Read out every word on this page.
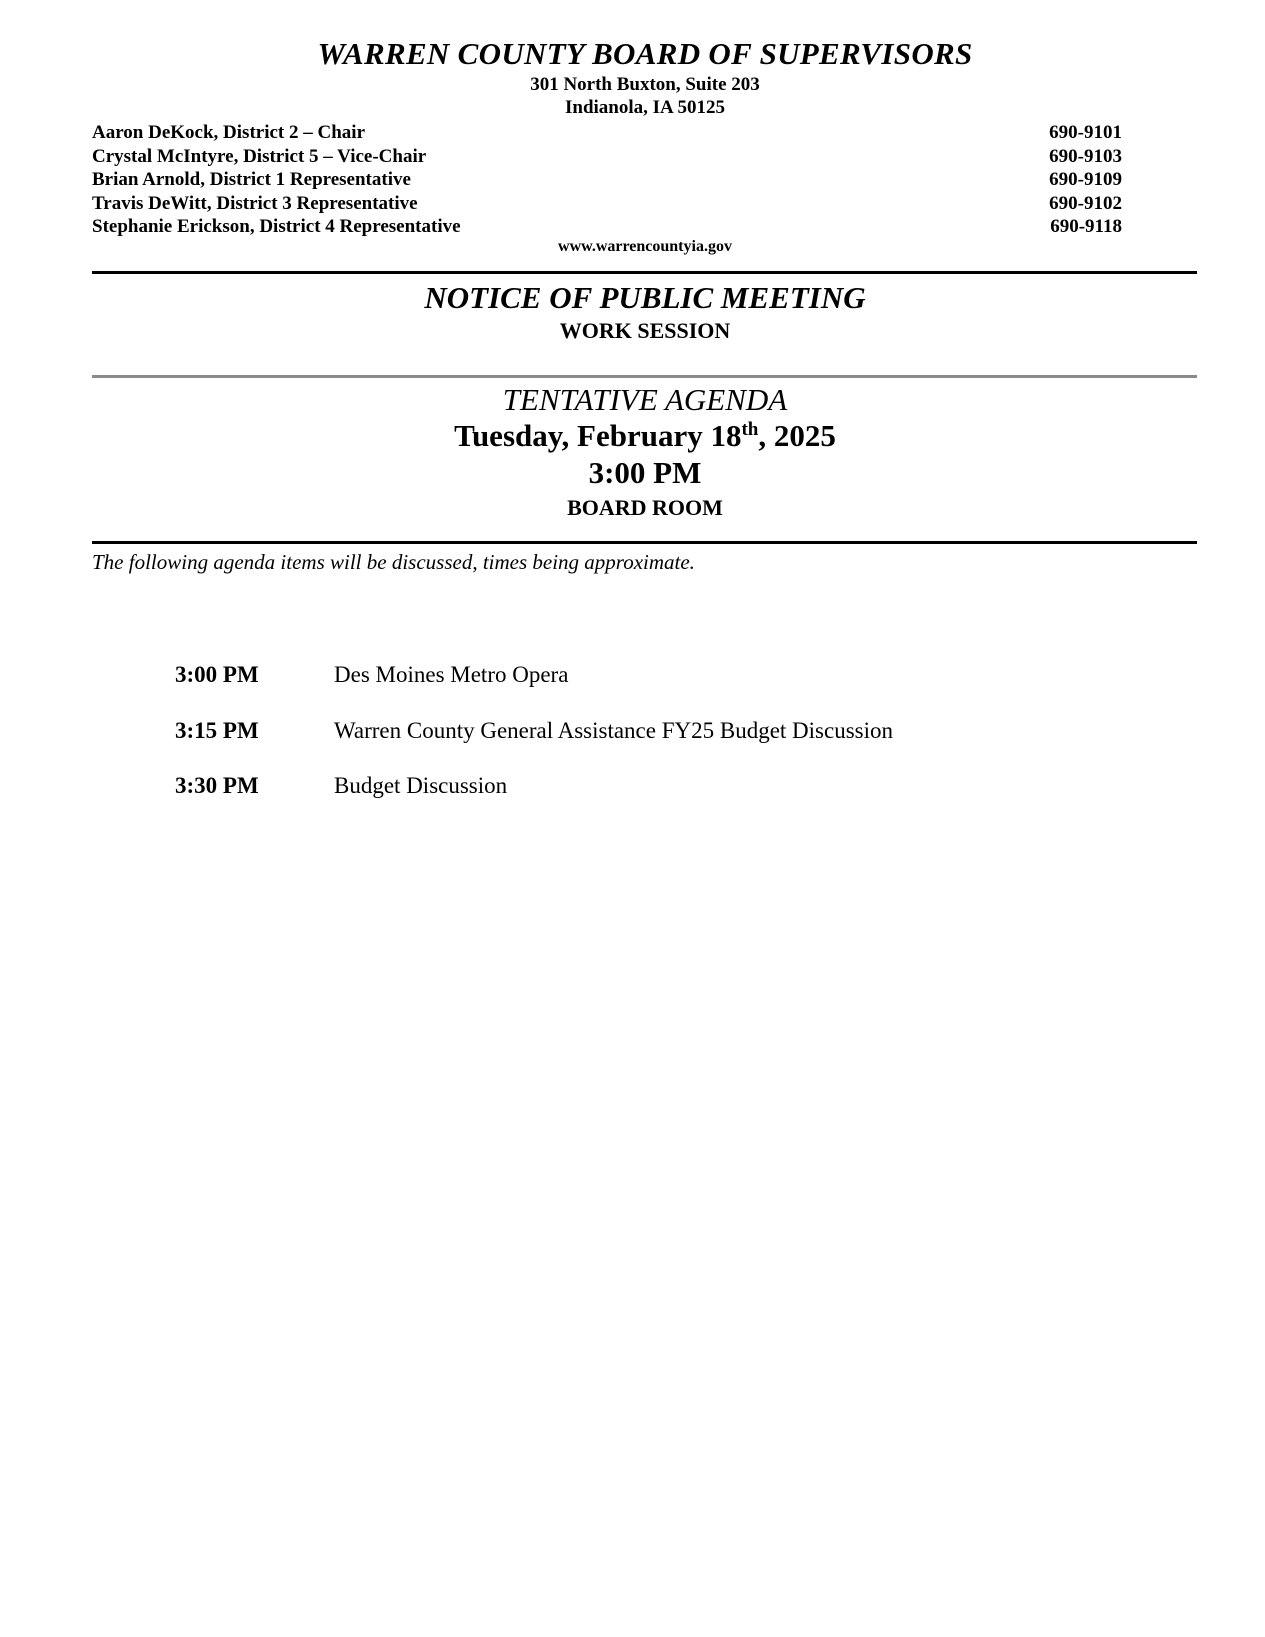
WARREN COUNTY BOARD OF SUPERVISORS
301 North Buxton, Suite 203
Indianola, IA 50125
Aaron DeKock, District 2 – Chair	690-9101
Crystal McIntyre, District 5 – Vice-Chair	690-9103
Brian Arnold, District 1 Representative	690-9109
Travis DeWitt, District 3 Representative	690-9102
Stephanie Erickson, District 4 Representative	690-9118
www.warrencountyia.gov
NOTICE OF PUBLIC MEETING
WORK SESSION
TENTATIVE AGENDA
Tuesday, February 18th, 2025
3:00 PM
BOARD ROOM
The following agenda items will be discussed, times being approximate.
3:00 PM	Des Moines Metro Opera
3:15 PM	Warren County General Assistance FY25 Budget Discussion
3:30 PM	Budget Discussion
